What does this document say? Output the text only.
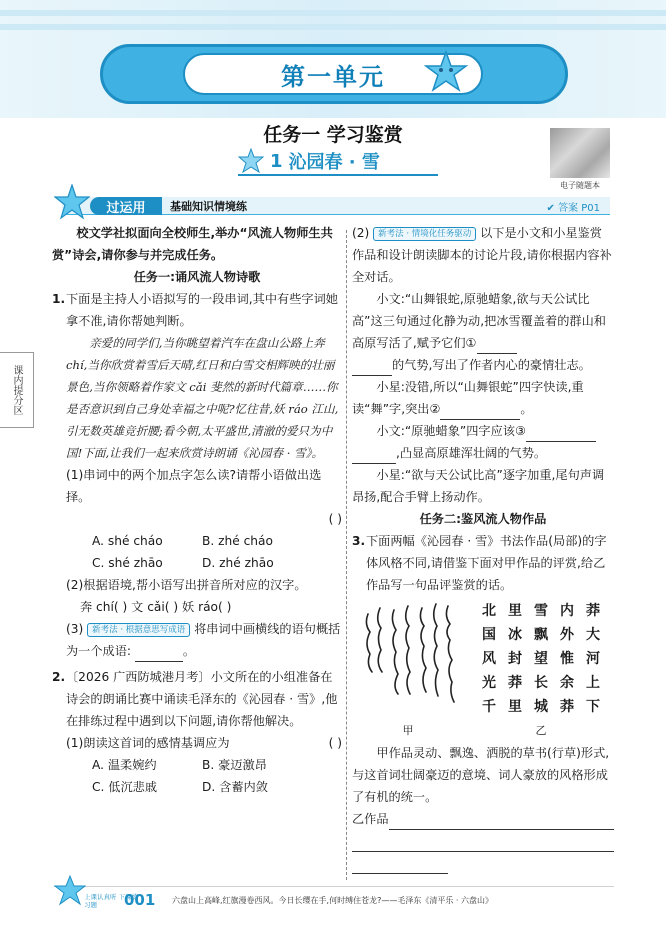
第一单元
任务一 学习鉴赏
1 沁园春 · 雪
电子随题本
过运用	基础知识情境练	✔ 答案 P01
课内提分区
校文学社拟面向全校师生,举办“风流人物师生共赏”诗会,请你参与并完成任务。
任务一:诵风流人物诗歌
1. 下面是主持人小语拟写的一段串词,其中有些字词她拿不准,请你帮她判断。
亲爱的同学们,当你眺望着汽车在盘山公路上奔 chí,当你欣赏着雪后天晴,红日和白雪交相辉映的壮丽景色,当你领略着作家文 cǎi 斐然的新时代篇章……你是否意识到自己身处幸福之中呢?忆往昔,妖 ráo 江山,引无数英雄竞折腰;看今朝,太平盛世,清澈的爱只为中国!下面,让我们一起来欣赏诗朗诵《沁园春 · 雪》。
(1)串词中的两个加点字怎么读?请帮小语做出选择。
( )
A. shé cháo	B. zhé cháo
C. shé zhāo	D. zhé zhāo
(2)根据语境,帮小语写出拼音所对应的汉字。
奔 chí( ) 文 cǎi( ) 妖 ráo( )
(3) 新考法 · 根据意思写成语 将串词中画横线的语句概括为一个成语:	。
2. 〔2026 广西防城港月考〕小文所在的小组准备在诗会的朗诵比赛中诵读毛泽东的《沁园春 · 雪》,他在排练过程中遇到以下问题,请你帮他解决。
(1)朗读这首词的感情基调应为	( )
A. 温柔婉约	B. 豪迈激昂
C. 低沉悲戚	D. 含蓄内敛
(2) 新考法 · 情境化任务驱动 以下是小文和小星鉴赏作品和设计朗读脚本的讨论片段,请你根据内容补全对话。
小文:“山舞银蛇,原驰蜡象,欲与天公试比高”这三句通过化静为动,把冰雪覆盖着的群山和高原写活了,赋予它们①
的气势,写出了作者内心的豪情壮志。
小星:没错,所以“山舞银蛇”四字快读,重读“舞”字,突出②	。
小文:“原驰蜡象”四字应该③
,凸显高原雄浑壮阔的气势。
小星:“欲与天公试比高”逐字加重,尾句声调昂扬,配合手臂上扬动作。
任务二:鉴风流人物作品
3. 下面两幅《沁园春 · 雪》书法作品(局部)的字体风格不同,请借鉴下面对甲作品的评赏,给乙作品写一句品评鉴赏的话。
北 里 雪 内 莽
国 冰 飘 外 大
风 封 望 惟 河
光 莽 长 余 上
千 里 城 莽 下
甲	乙
甲作品灵动、飘逸、洒脱的草书(行草)形式,与这首词壮阔豪迈的意境、词人豪放的风格形成了有机的统一。
乙作品
上课认真听 下课练习题	001 六盘山上高峰,红旗漫卷西风。今日长缨在手,何时缚住苍龙?——毛泽东《清平乐 · 六盘山》
